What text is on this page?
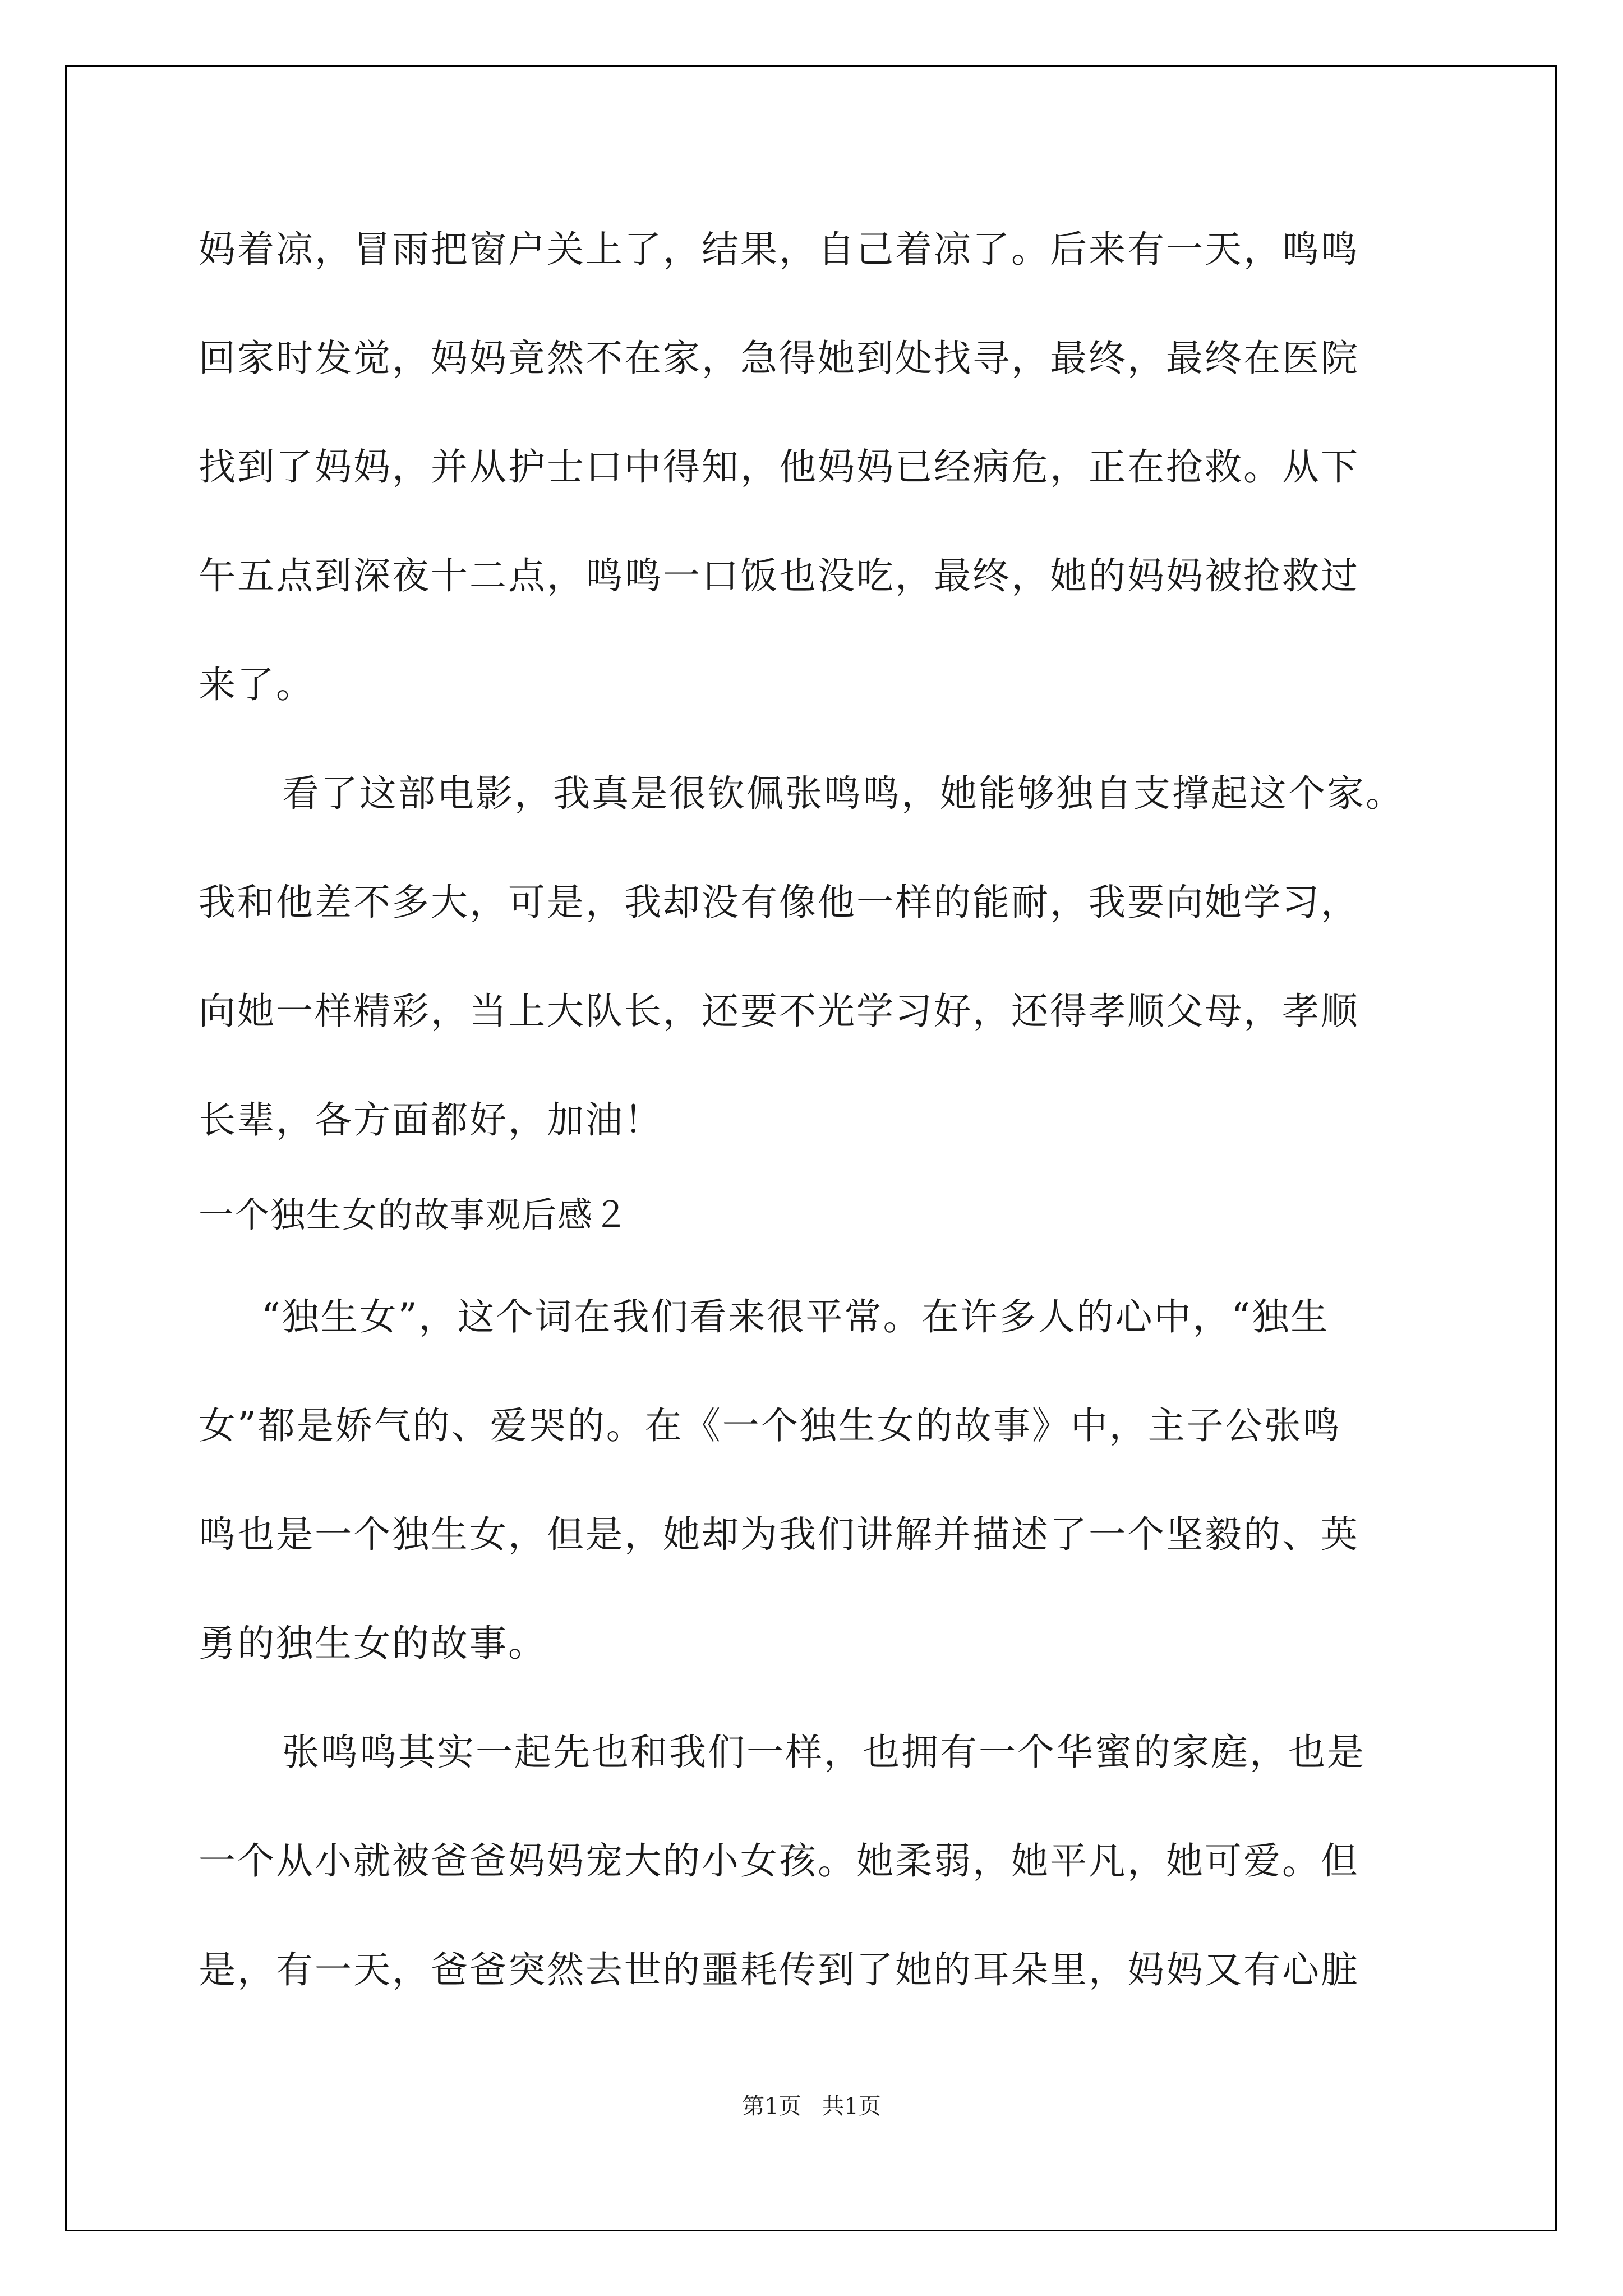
妈着凉，冒雨把窗户关上了，结果，自己着凉了。后来有一天，鸣鸣
回家时发觉，妈妈竟然不在家，急得她到处找寻，最终，最终在医院
找到了妈妈，并从护士口中得知，他妈妈已经病危，正在抢救。从下
午五点到深夜十二点，鸣鸣一口饭也没吃，最终，她的妈妈被抢救过
来了。
看了这部电影，我真是很钦佩张鸣鸣，她能够独自支撑起这个家。
我和他差不多大，可是，我却没有像他一样的能耐，我要向她学习，
向她一样精彩，当上大队长，还要不光学习好，还得孝顺父母，孝顺
长辈，各方面都好，加油！
一个独生女的故事观后感２
“独生女”，这个词在我们看来很平常。在许多人的心中，“独生
女”都是娇气的、爱哭的。在《一个独生女的故事》中，主子公张鸣
鸣也是一个独生女，但是，她却为我们讲解并描述了一个坚毅的、英
勇的独生女的故事。
张鸣鸣其实一起先也和我们一样，也拥有一个华蜜的家庭，也是
一个从小就被爸爸妈妈宠大的小女孩。她柔弱，她平凡，她可爱。但
是，有一天，爸爸突然去世的噩耗传到了她的耳朵里，妈妈又有心脏
第1页 共1页
